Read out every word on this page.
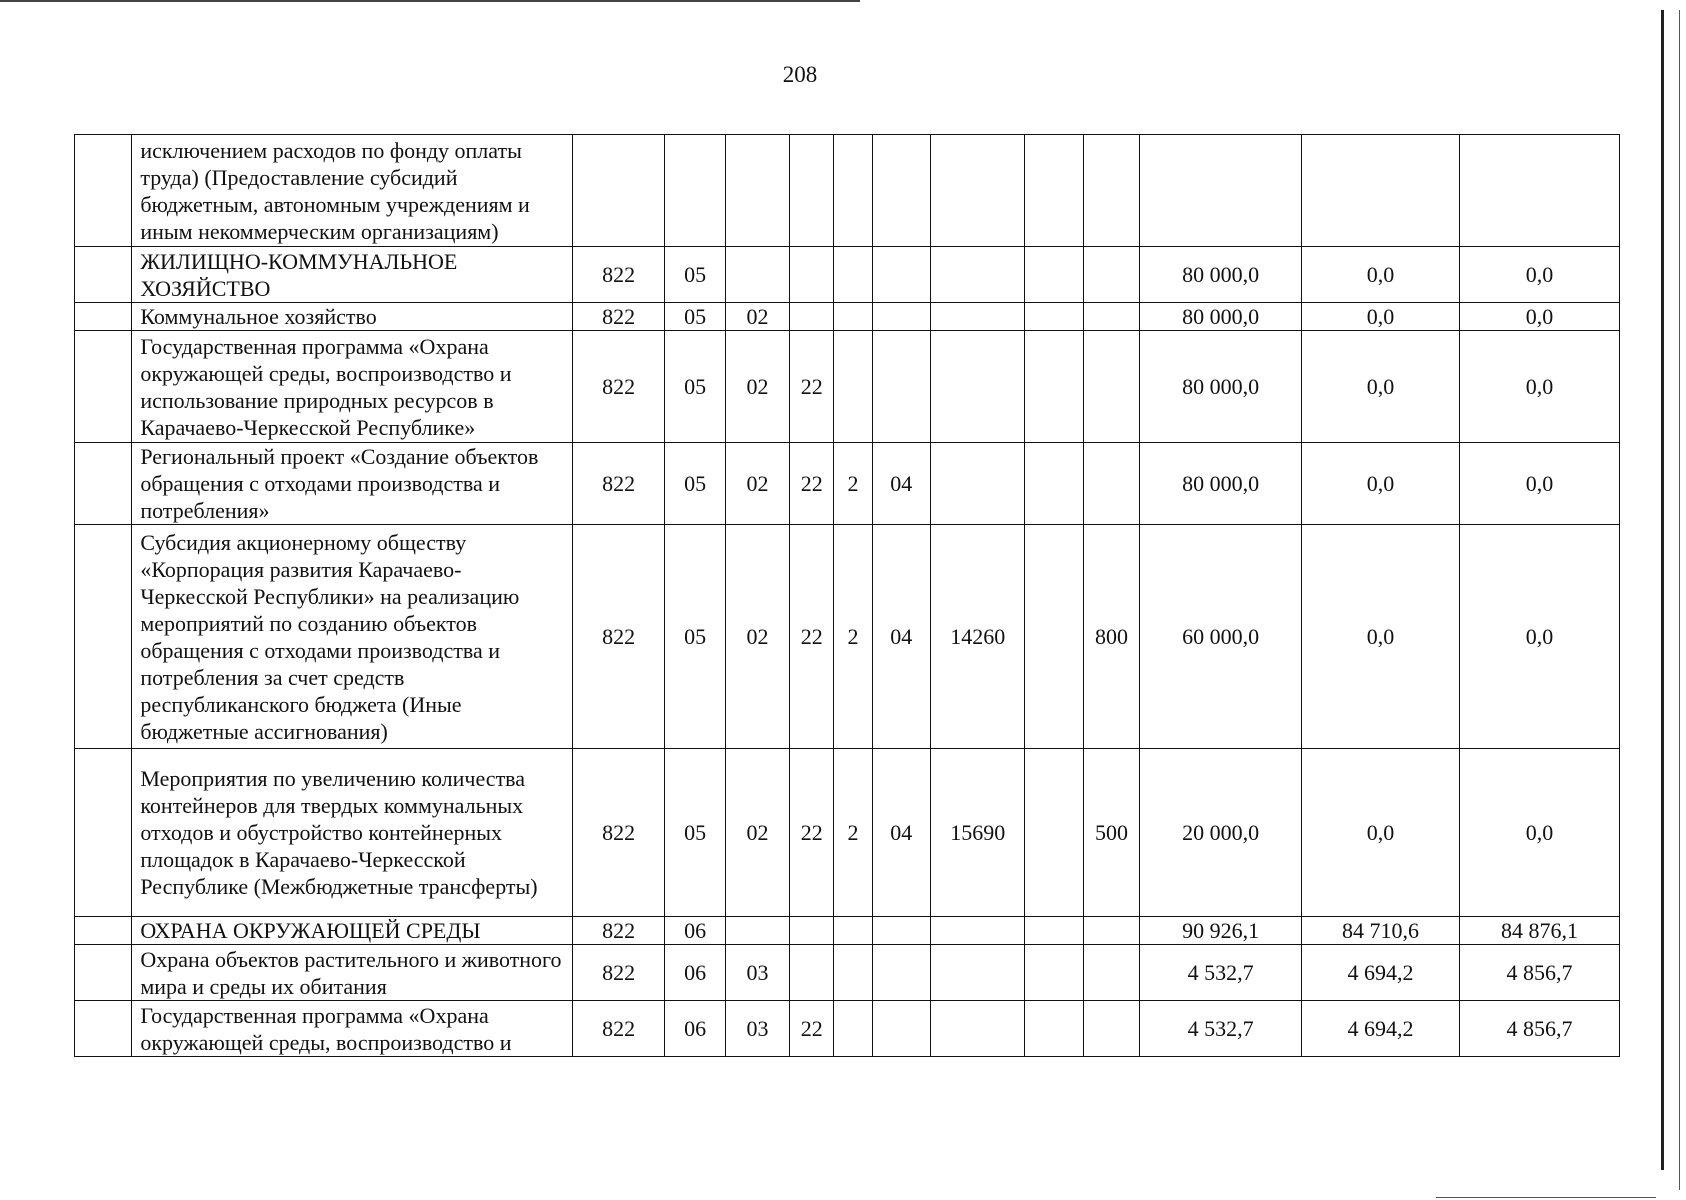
208
	исключением расходов по фонду оплаты труда) (Предоставление субсидий бюджетным, автономным учреждениям и иным некоммерческим организациям)												
	ЖИЛИЩНО-КОММУНАЛЬНОЕ ХОЗЯЙСТВО	822	05								80 000,0	0,0	0,0
	Коммунальное хозяйство	822	05	02							80 000,0	0,0	0,0
	Государственная программа «Охрана окружающей среды, воспроизводство и использование природных ресурсов в Карачаево-Черкесской Республике»	822	05	02	22						80 000,0	0,0	0,0
	Региональный проект «Создание объектов обращения с отходами производства и потребления»	822	05	02	22	2	04				80 000,0	0,0	0,0
	Субсидия акционерному обществу «Корпорация развития Карачаево-Черкесской Республики» на реализацию мероприятий по созданию объектов обращения с отходами производства и потребления за счет средств республиканского бюджета (Иные бюджетные ассигнования)	822	05	02	22	2	04	14260		800	60 000,0	0,0	0,0
	Мероприятия по увеличению количества контейнеров для твердых коммунальных отходов и обустройство контейнерных площадок в Карачаево-Черкесской Республике (Межбюджетные трансферты)	822	05	02	22	2	04	15690		500	20 000,0	0,0	0,0
	ОХРАНА ОКРУЖАЮЩЕЙ СРЕДЫ	822	06								90 926,1	84 710,6	84 876,1
	Охрана объектов растительного и животного мира и среды их обитания	822	06	03							4 532,7	4 694,2	4 856,7
	Государственная программа «Охрана окружающей среды, воспроизводство и	822	06	03	22						4 532,7	4 694,2	4 856,7
